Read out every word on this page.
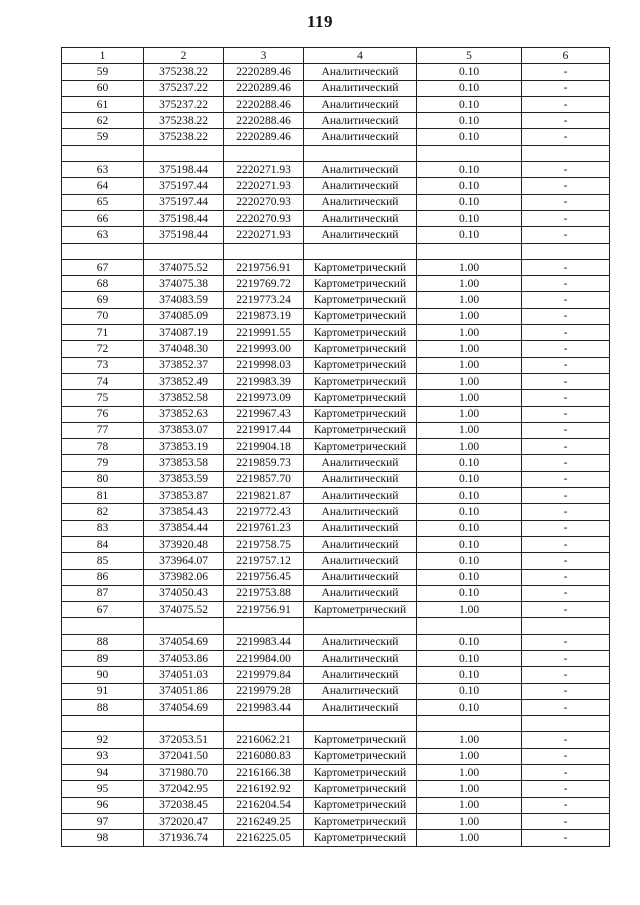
119
1	2	3	4	5	6
59	375238.22	2220289.46	Аналитический	0.10	-
60	375237.22	2220289.46	Аналитический	0.10	-
61	375237.22	2220288.46	Аналитический	0.10	-
62	375238.22	2220288.46	Аналитический	0.10	-
59	375238.22	2220289.46	Аналитический	0.10	-

63	375198.44	2220271.93	Аналитический	0.10	-
64	375197.44	2220271.93	Аналитический	0.10	-
65	375197.44	2220270.93	Аналитический	0.10	-
66	375198.44	2220270.93	Аналитический	0.10	-
63	375198.44	2220271.93	Аналитический	0.10	-

67	374075.52	2219756.91	Картометрический	1.00	-
68	374075.38	2219769.72	Картометрический	1.00	-
69	374083.59	2219773.24	Картометрический	1.00	-
70	374085.09	2219873.19	Картометрический	1.00	-
71	374087.19	2219991.55	Картометрический	1.00	-
72	374048.30	2219993.00	Картометрический	1.00	-
73	373852.37	2219998.03	Картометрический	1.00	-
74	373852.49	2219983.39	Картометрический	1.00	-
75	373852.58	2219973.09	Картометрический	1.00	-
76	373852.63	2219967.43	Картометрический	1.00	-
77	373853.07	2219917.44	Картометрический	1.00	-
78	373853.19	2219904.18	Картометрический	1.00	-
79	373853.58	2219859.73	Аналитический	0.10	-
80	373853.59	2219857.70	Аналитический	0.10	-
81	373853.87	2219821.87	Аналитический	0.10	-
82	373854.43	2219772.43	Аналитический	0.10	-
83	373854.44	2219761.23	Аналитический	0.10	-
84	373920.48	2219758.75	Аналитический	0.10	-
85	373964.07	2219757.12	Аналитический	0.10	-
86	373982.06	2219756.45	Аналитический	0.10	-
87	374050.43	2219753.88	Аналитический	0.10	-
67	374075.52	2219756.91	Картометрический	1.00	-

88	374054.69	2219983.44	Аналитический	0.10	-
89	374053.86	2219984.00	Аналитический	0.10	-
90	374051.03	2219979.84	Аналитический	0.10	-
91	374051.86	2219979.28	Аналитический	0.10	-
88	374054.69	2219983.44	Аналитический	0.10	-

92	372053.51	2216062.21	Картометрический	1.00	-
93	372041.50	2216080.83	Картометрический	1.00	-
94	371980.70	2216166.38	Картометрический	1.00	-
95	372042.95	2216192.92	Картометрический	1.00	-
96	372038.45	2216204.54	Картометрический	1.00	-
97	372020.47	2216249.25	Картометрический	1.00	-
98	371936.74	2216225.05	Картометрический	1.00	-
